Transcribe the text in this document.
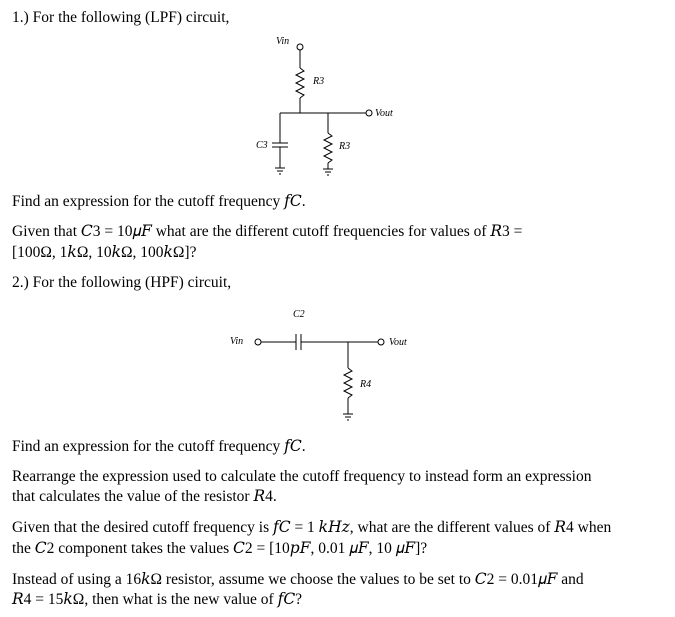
1.) For the following (LPF) circuit,
Vin
R3
Vout
C3	R3
Find an expression for the cutoff frequency 𝑓𝐶.
Given that 𝐶3 = 10𝜇𝐹 what are the different cutoff frequencies for values of 𝑅3 =
[100Ω, 1𝑘Ω, 10𝑘Ω, 100𝑘Ω]?
2.) For the following (HPF) circuit,
C2
Vin	Vout
R4
Find an expression for the cutoff frequency 𝑓𝐶.
Rearrange the expression used to calculate the cutoff frequency to instead form an expression
that calculates the value of the resistor 𝑅4.
Given that the desired cutoff frequency is 𝑓𝐶 = 1 𝑘𝐻𝑧, what are the different values of 𝑅4 when
the 𝐶2 component takes the values 𝐶2 = [10𝑝𝐹, 0.01 𝜇𝐹, 10 𝜇𝐹]?
Instead of using a 16𝑘Ω resistor, assume we choose the values to be set to 𝐶2 = 0.01𝜇𝐹 and
𝑅4 = 15𝑘Ω, then what is the new value of 𝑓𝐶?
